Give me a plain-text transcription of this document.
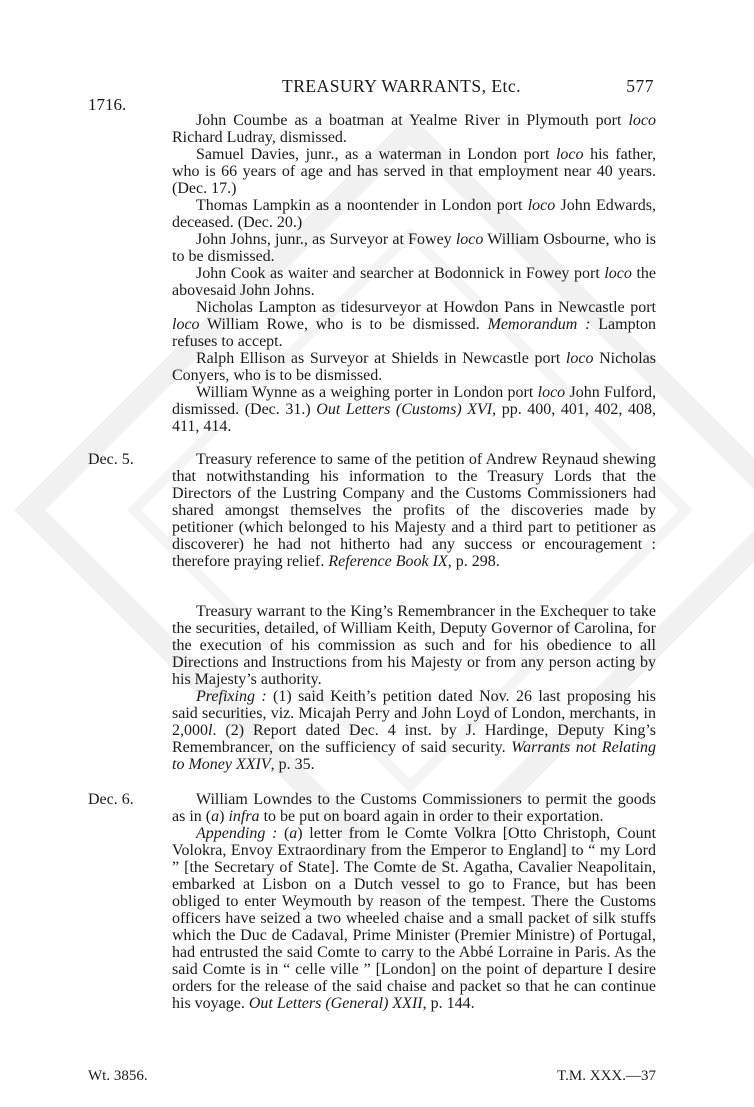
TREASURY WARRANTS, Etc.	577
1716.

John Coumbe as a boatman at Yealme River in Plymouth port loco Richard Ludray, dismissed.

Samuel Davies, junr., as a waterman in London port loco his father, who is 66 years of age and has served in that employment near 40 years. (Dec. 17.)

Thomas Lampkin as a noontender in London port loco John Edwards, deceased. (Dec. 20.)

John Johns, junr., as Surveyor at Fowey loco William Osbourne, who is to be dismissed.

John Cook as waiter and searcher at Bodonnick in Fowey port loco the abovesaid John Johns.

Nicholas Lampton as tidesurveyor at Howdon Pans in Newcastle port loco William Rowe, who is to be dismissed. Memorandum : Lampton refuses to accept.

Ralph Ellison as Surveyor at Shields in Newcastle port loco Nicholas Conyers, who is to be dismissed.

William Wynne as a weighing porter in London port loco John Fulford, dismissed. (Dec. 31.) Out Letters (Customs) XVI, pp. 400, 401, 402, 408, 411, 414.

Dec. 5.	Treasury reference to same of the petition of Andrew Reynaud shewing that notwithstanding his information to the Treasury Lords that the Directors of the Lustring Company and the Customs Commissioners had shared amongst themselves the profits of the discoveries made by petitioner (which belonged to his Majesty and a third part to petitioner as discoverer) he had not hitherto had any success or encouragement : therefore praying relief. Reference Book IX, p. 298.

Treasury warrant to the King’s Remembrancer in the Exchequer to take the securities, detailed, of William Keith, Deputy Governor of Carolina, for the execution of his commission as such and for his obedience to all Directions and Instructions from his Majesty or from any person acting by his Majesty’s authority.

Prefixing : (1) said Keith’s petition dated Nov. 26 last proposing his said securities, viz. Micajah Perry and John Loyd of London, merchants, in 2,000l. (2) Report dated Dec. 4 inst. by J. Hardinge, Deputy King’s Remembrancer, on the sufficiency of said security. Warrants not Relating to Money XXIV, p. 35.

Dec. 6.	William Lowndes to the Customs Commissioners to permit the goods as in (a) infra to be put on board again in order to their exportation.

Appending : (a) letter from le Comte Volkra [Otto Christoph, Count Volokra, Envoy Extraordinary from the Emperor to England] to “ my Lord ” [the Secretary of State]. The Comte de St. Agatha, Cavalier Neapolitain, embarked at Lisbon on a Dutch vessel to go to France, but has been obliged to enter Weymouth by reason of the tempest. There the Customs officers have seized a two wheeled chaise and a small packet of silk stuffs which the Duc de Cadaval, Prime Minister (Premier Ministre) of Portugal, had entrusted the said Comte to carry to the Abbé Lorraine in Paris. As the said Comte is in “ celle ville ” [London] on the point of departure I desire orders for the release of the said chaise and packet so that he can continue his voyage. Out Letters (General) XXII, p. 144.

Wt. 3856.	T.M. XXX.—37
